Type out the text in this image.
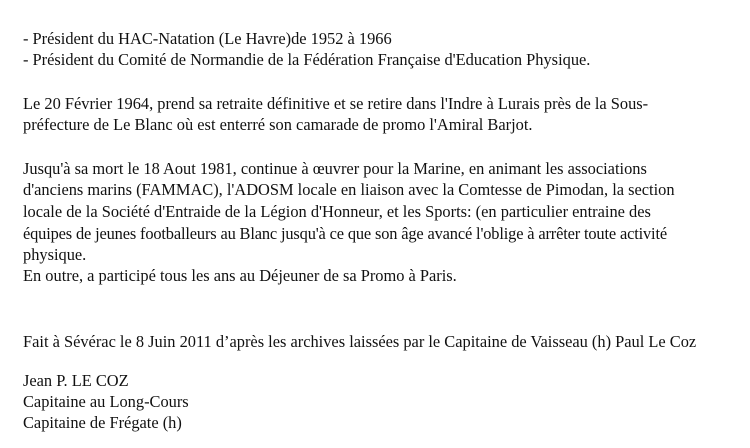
- Président du HAC-Natation (Le Havre)de 1952 à 1966
- Président du Comité de Normandie de la Fédération Française d'Education Physique.
Le 20 Février 1964, prend sa retraite définitive et se retire dans l'Indre à Lurais près de la Sous-
préfecture de Le Blanc où est enterré son camarade de promo l'Amiral Barjot.
Jusqu'à sa mort le 18 Aout 1981, continue à œuvrer pour la Marine, en animant les associations
d'anciens marins (FAMMAC), l'ADOSM locale en liaison avec la Comtesse de Pimodan, la section
locale de la Société d'Entraide de la Légion d'Honneur, et les Sports: (en particulier entraine des
équipes de jeunes footballeurs au Blanc jusqu'à ce que son âge avancé l'oblige à arrêter toute activité
physique.
En outre, a participé tous les ans au Déjeuner de sa Promo à Paris.
Fait à Sévérac le 8 Juin 2011 d’après les archives laissées par le Capitaine de Vaisseau (h) Paul Le Coz
Jean P. LE COZ
Capitaine au Long-Cours
Capitaine de Frégate (h)
